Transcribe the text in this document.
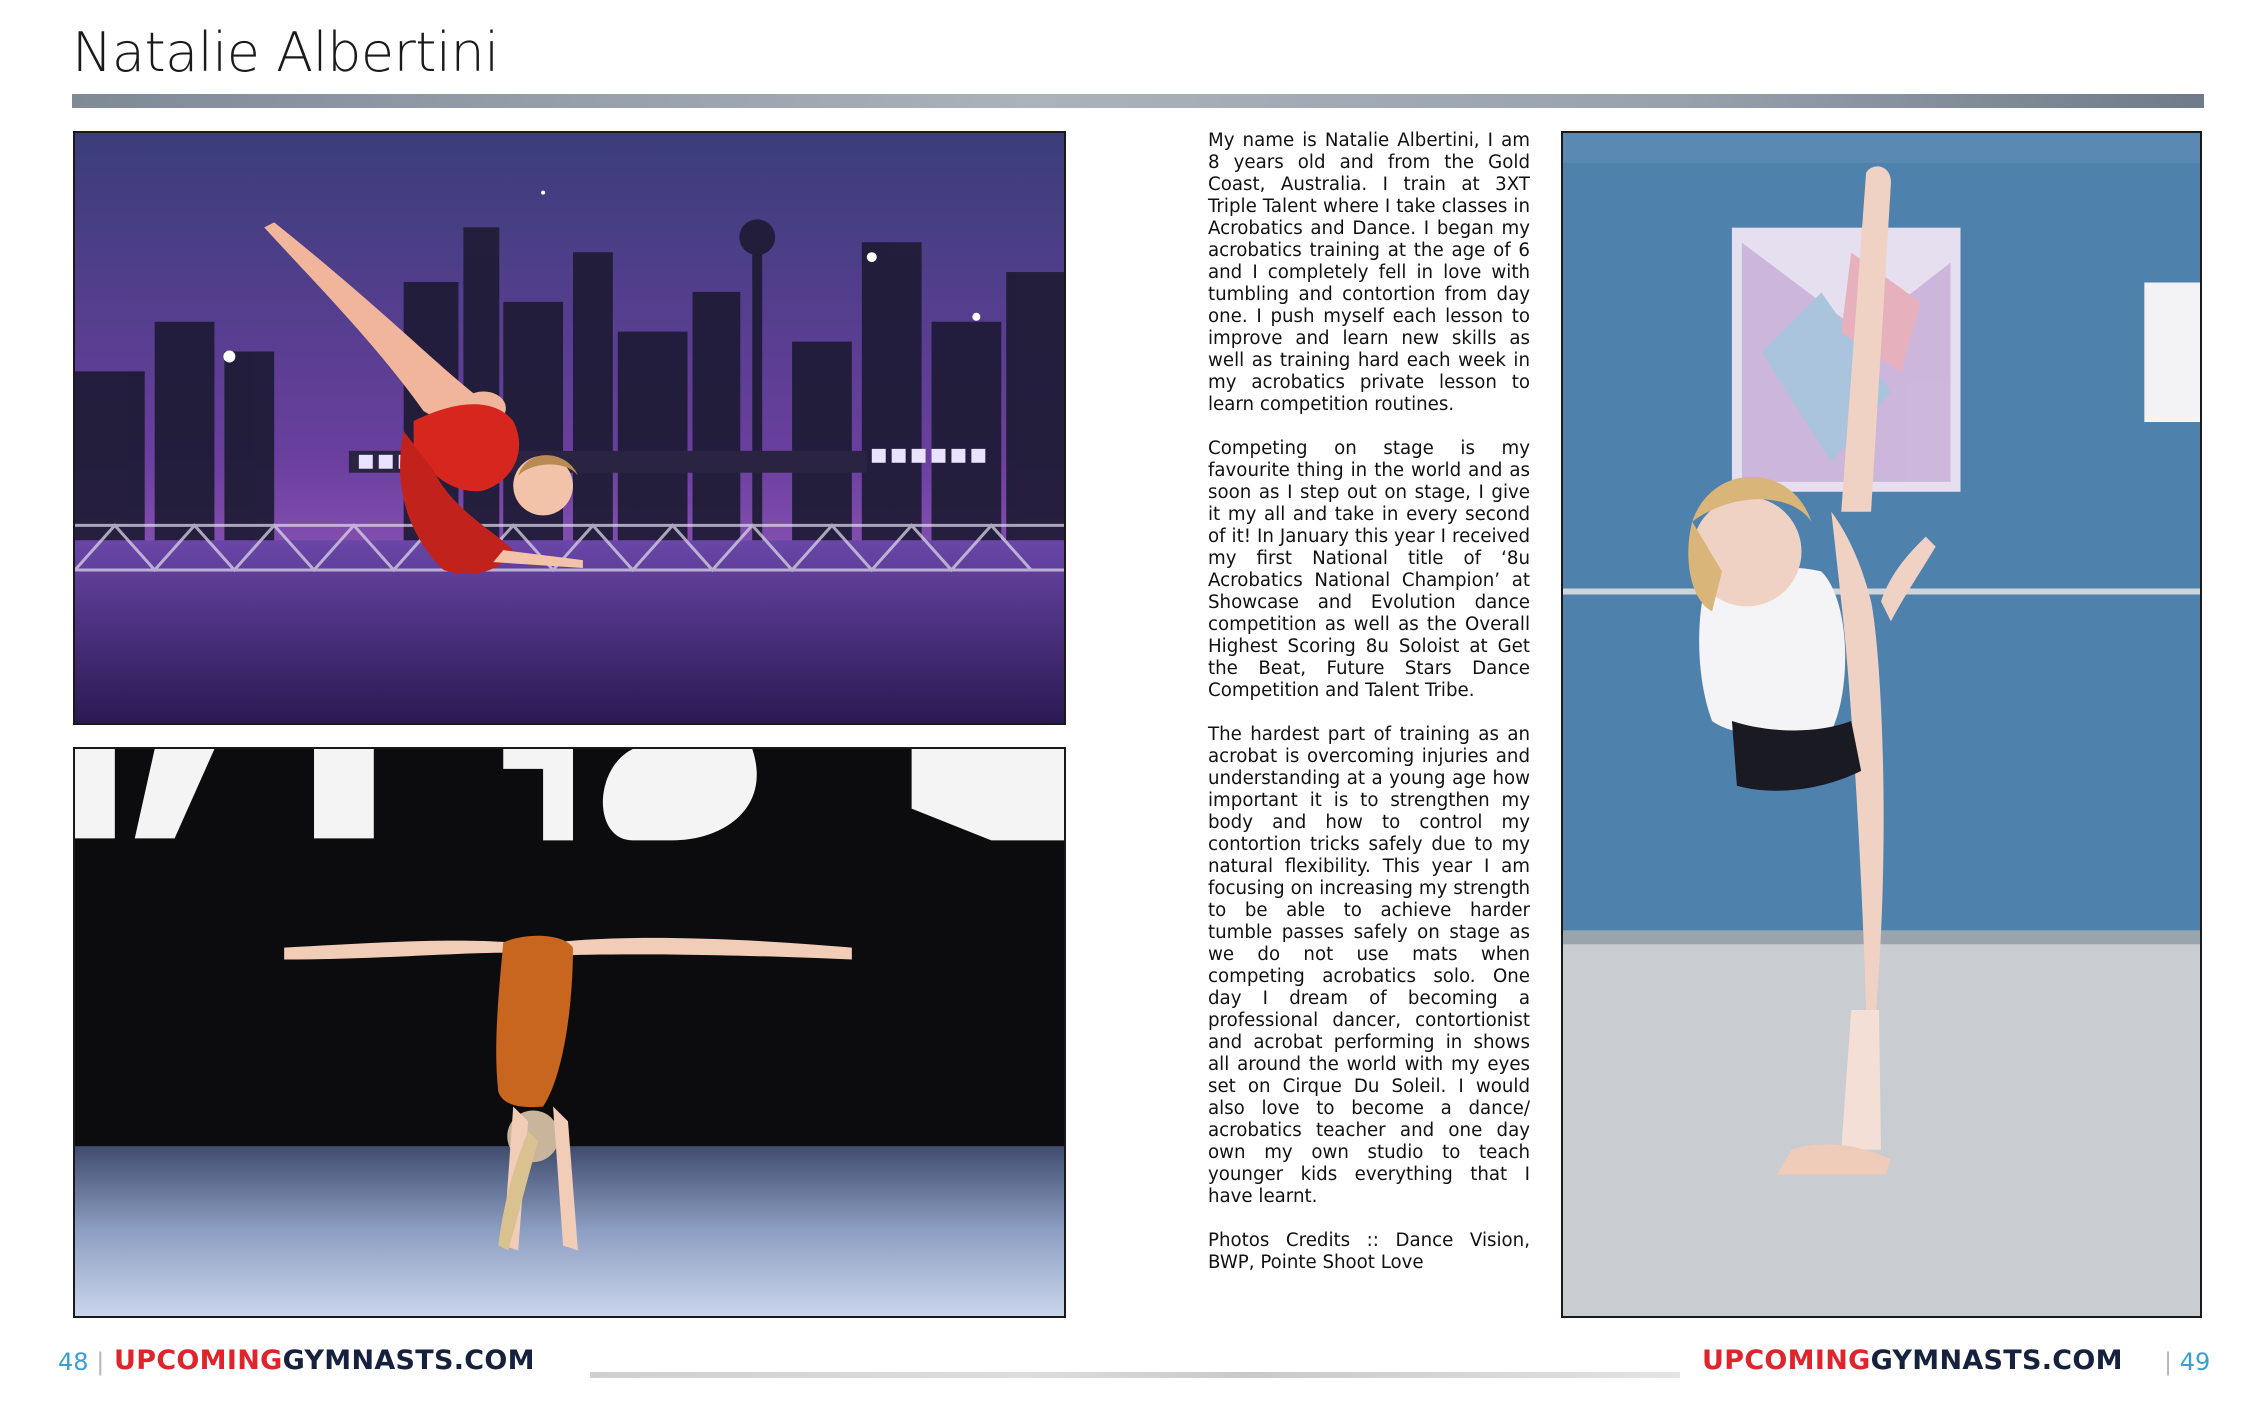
Natalie Albertini

My name is Natalie Albertini, I am 8 years old and from the Gold Coast, Australia. I train at 3XT Triple Talent where I take classes in Acrobatics and Dance. I began my acrobatics training at the age of 6 and I completely fell in love with tumbling and contortion from day one. I push myself each lesson to improve and learn new skills as well as training hard each week in my acrobatics private lesson to learn competition routines.

Competing on stage is my favourite thing in the world and as soon as I step out on stage, I give it my all and take in every second of it! In January this year I received my first National title of ‘8u Acrobatics National Champion’ at Showcase and Evolution dance competition as well as the Overall Highest Scoring 8u Soloist at Get the Beat, Future Stars Dance Competition and Talent Tribe.

The hardest part of training as an acrobat is overcoming injuries and understanding at a young age how important it is to strengthen my body and how to control my contortion tricks safely due to my natural flexibility. This year I am focusing on increasing my strength to be able to achieve harder tumble passes safely on stage as we do not use mats when competing acrobatics solo. One day I dream of becoming a professional dancer, contortionist and acrobat performing in shows all around the world with my eyes set on Cirque Du Soleil. I would also love to become a dance/ acrobatics teacher and one day own my own studio to teach younger kids everything that I have learnt.

Photos Credits :: Dance Vision, BWP, Pointe Shoot Love

48 | UPCOMINGGYMNASTS.COM	UPCOMINGGYMNASTS.COM | 49
